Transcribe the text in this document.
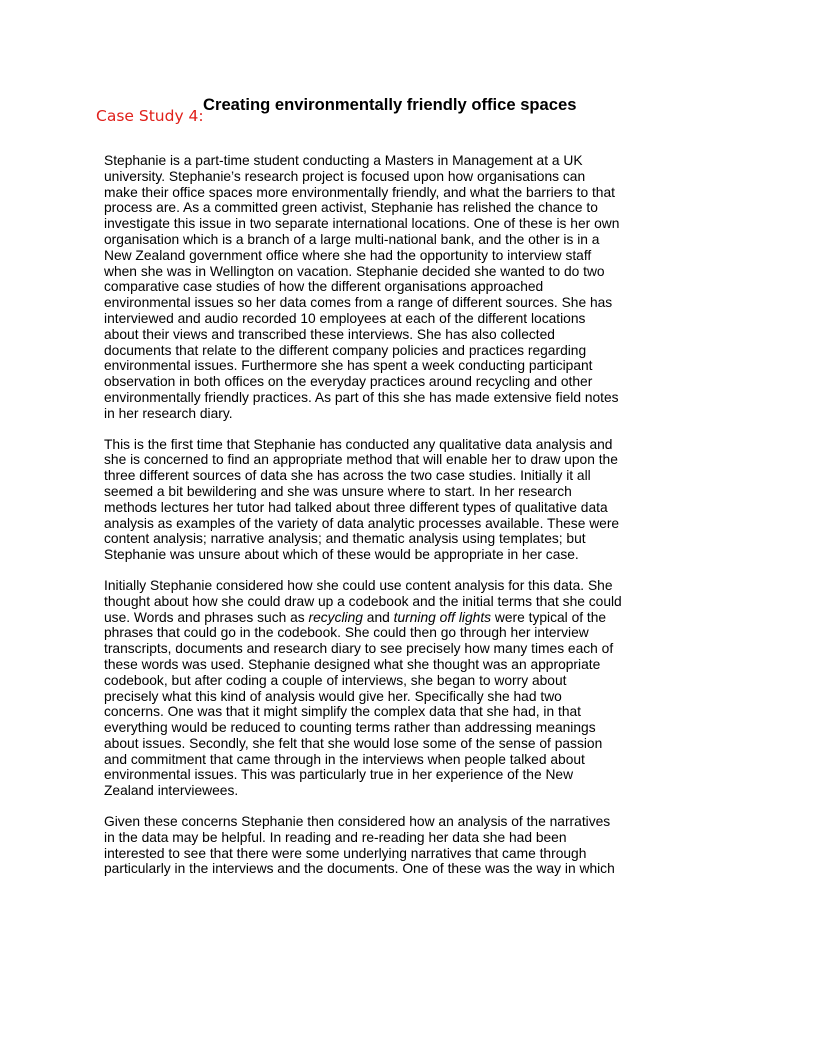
Case Study 4:
Creating environmentally friendly office spaces

Stephanie is a part-time student conducting a Masters in Management at a UK
university. Stephanie’s research project is focused upon how organisations can
make their office spaces more environmentally friendly, and what the barriers to that
process are. As a committed green activist, Stephanie has relished the chance to
investigate this issue in two separate international locations. One of these is her own
organisation which is a branch of a large multi-national bank, and the other is in a
New Zealand government office where she had the opportunity to interview staff
when she was in Wellington on vacation. Stephanie decided she wanted to do two
comparative case studies of how the different organisations approached
environmental issues so her data comes from a range of different sources. She has
interviewed and audio recorded 10 employees at each of the different locations
about their views and transcribed these interviews. She has also collected
documents that relate to the different company policies and practices regarding
environmental issues. Furthermore she has spent a week conducting participant
observation in both offices on the everyday practices around recycling and other
environmentally friendly practices. As part of this she has made extensive field notes
in her research diary.

This is the first time that Stephanie has conducted any qualitative data analysis and
she is concerned to find an appropriate method that will enable her to draw upon the
three different sources of data she has across the two case studies. Initially it all
seemed a bit bewildering and she was unsure where to start. In her research
methods lectures her tutor had talked about three different types of qualitative data
analysis as examples of the variety of data analytic processes available. These were
content analysis; narrative analysis; and thematic analysis using templates; but
Stephanie was unsure about which of these would be appropriate in her case.

Initially Stephanie considered how she could use content analysis for this data. She
thought about how she could draw up a codebook and the initial terms that she could
use. Words and phrases such as recycling and turning off lights were typical of the
phrases that could go in the codebook. She could then go through her interview
transcripts, documents and research diary to see precisely how many times each of
these words was used. Stephanie designed what she thought was an appropriate
codebook, but after coding a couple of interviews, she began to worry about
precisely what this kind of analysis would give her. Specifically she had two
concerns. One was that it might simplify the complex data that she had, in that
everything would be reduced to counting terms rather than addressing meanings
about issues. Secondly, she felt that she would lose some of the sense of passion
and commitment that came through in the interviews when people talked about
environmental issues. This was particularly true in her experience of the New
Zealand interviewees.

Given these concerns Stephanie then considered how an analysis of the narratives
in the data may be helpful. In reading and re-reading her data she had been
interested to see that there were some underlying narratives that came through
particularly in the interviews and the documents. One of these was the way in which
